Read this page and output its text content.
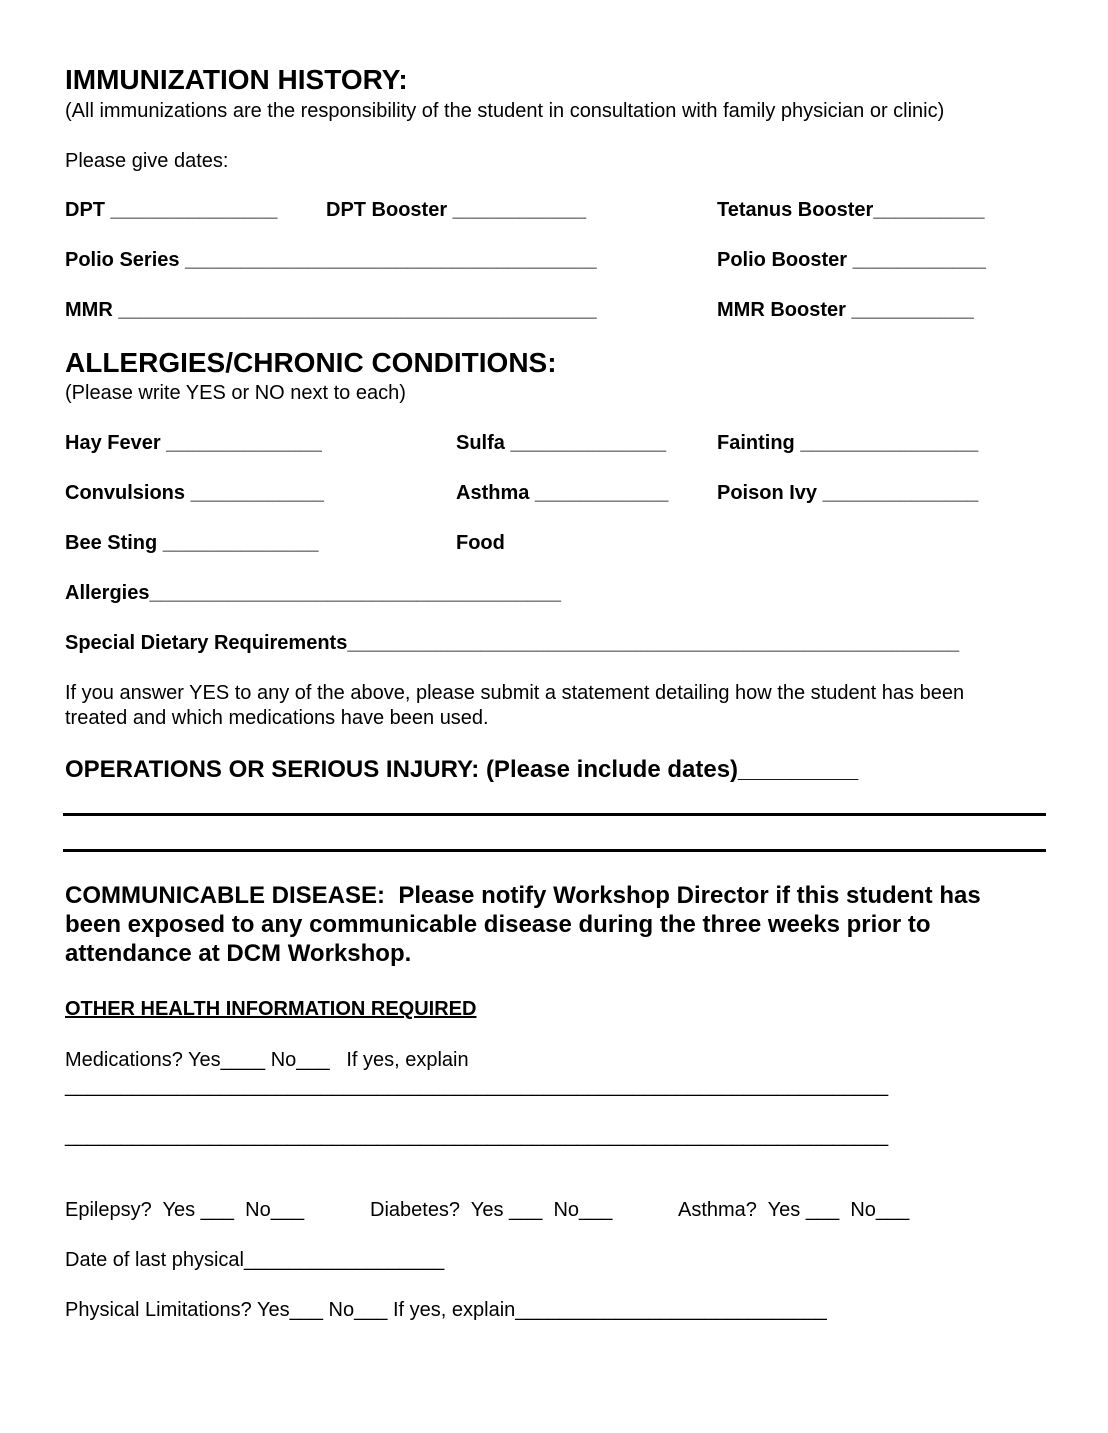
IMMUNIZATION HISTORY:
(All immunizations are the responsibility of the student in consultation with family physician or clinic)
Please give dates:
DPT _______________ DPT Booster ____________	Tetanus Booster__________
Polio Series _____________________________________	Polio Booster ____________
MMR ___________________________________________	MMR Booster ___________
ALLERGIES/CHRONIC CONDITIONS:
(Please write YES or NO next to each)
Hay Fever ______________	Sulfa ______________	Fainting ________________
Convulsions ____________	Asthma ____________ Poison Ivy ______________
Bee Sting ______________	Food
Allergies_____________________________________
Special Dietary Requirements_______________________________________________________
If you answer YES to any of the above, please submit a statement detailing how the student has been
treated and which medications have been used.
OPERATIONS OR SERIOUS INJURY: (Please include dates)_________
COMMUNICABLE DISEASE:  Please notify Workshop Director if this student has
been exposed to any communicable disease during the three weeks prior to
attendance at DCM Workshop.
OTHER HEALTH INFORMATION REQUIRED
Medications? Yes____ No___   If yes, explain
__________________________________________________________________________
__________________________________________________________________________
Epilepsy?  Yes ___  No___	Diabetes?  Yes ___  No___	Asthma?  Yes ___  No___
Date of last physical__________________
Physical Limitations? Yes___ No___ If yes, explain____________________________
